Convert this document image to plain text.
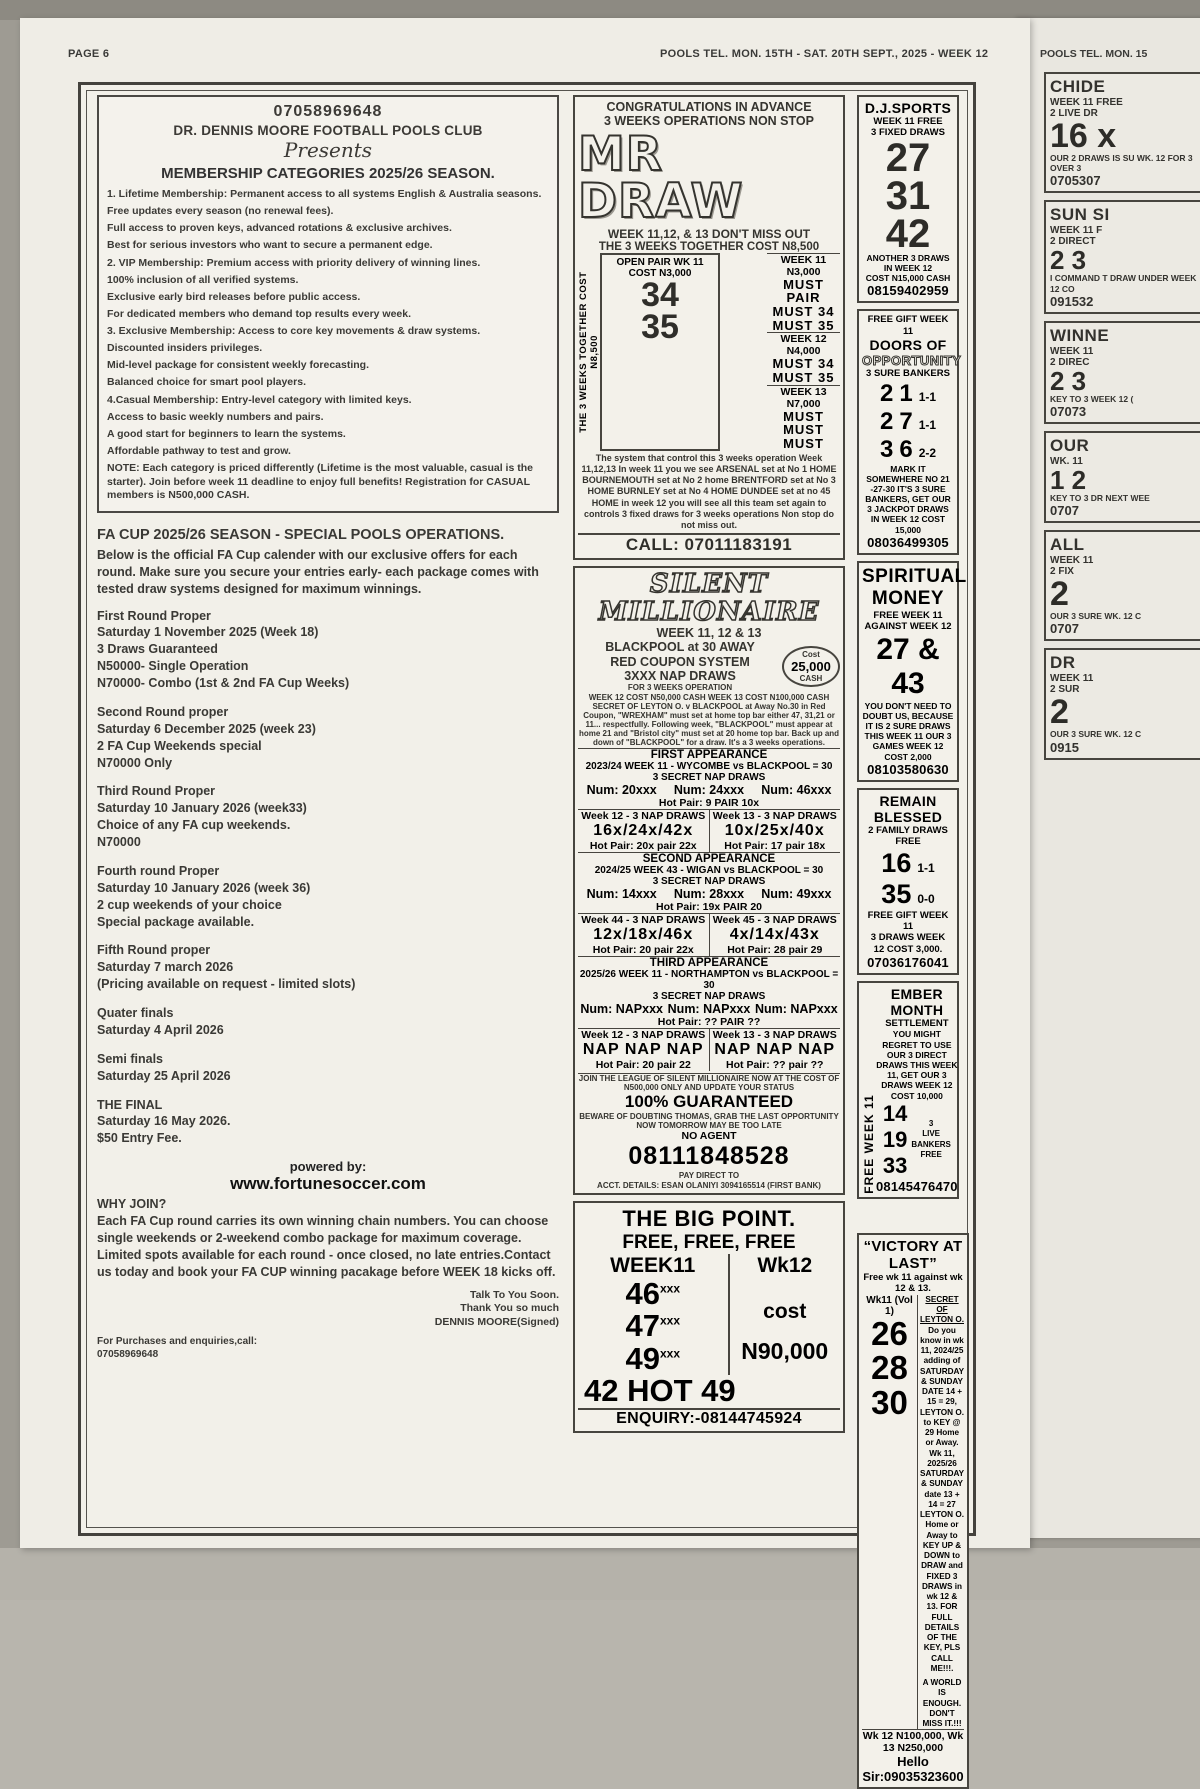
PAGE 6	POOLS TEL. MON. 15TH - SAT. 20TH SEPT., 2025 - WEEK 12	POOLS TEL. MON. 15
07058969648
DR. DENNIS MOORE FOOTBALL POOLS CLUB
Presents
MEMBERSHIP CATEGORIES 2025/26 SEASON.

1. Lifetime Membership: Permanent access to all systems English & Australia seasons.

Free updates every season (no renewal fees).

Full access to proven keys, advanced rotations & exclusive archives.

Best for serious investors who want to secure a permanent edge.

2. VIP Membership: Premium access with priority delivery of winning lines.

100% inclusion of all verified systems.

Exclusive early bird releases before public access.

For dedicated members who demand top results every week.

3. Exclusive Membership: Access to core key movements & draw systems.

Discounted insiders privileges.

Mid-level package for consistent weekly forecasting.

Balanced choice for smart pool players.

4.Casual Membership: Entry-level category with limited keys.

Access to basic weekly numbers and pairs.

A good start for beginners to learn the systems.

Affordable pathway to test and grow.

NOTE: Each category is priced differently (Lifetime is the most valuable, casual is the starter). Join before week 11 deadline to enjoy full benefits! Registration for CASUAL members is N500,000 CASH.
FA CUP 2025/26 SEASON - SPECIAL POOLS OPERATIONS.
Below is the official FA Cup calender with our exclusive offers for each round. Make sure you secure your entries early- each package comes with tested draw systems designed for maximum winnings.
First Round Proper
Saturday 1 November 2025 (Week 18)
3 Draws Guaranteed
N50000- Single Operation
N70000- Combo (1st & 2nd FA Cup Weeks)
Second Round proper
Saturday 6 December 2025 (week 23)
2 FA Cup Weekends special
N70000 Only
Third Round Proper
Saturday 10 January 2026 (week33)
Choice of any FA cup weekends.
N70000
Fourth round Proper
Saturday 10 January 2026 (week 36)
2 cup weekends of your choice
Special package available.
Fifth Round proper
Saturday 7 march 2026
(Pricing available on request - limited slots)
Quater finals
Saturday 4 April 2026
Semi finals
Saturday 25 April 2026
THE FINAL
Saturday 16 May 2026.
$50 Entry Fee.
powered by:
www.fortunesoccer.com
WHY JOIN?
Each FA Cup round carries its own winning chain numbers. You can choose single weekends or 2-weekend combo package for maximum coverage. Limited spots available for each round - once closed, no late entries.Contact us today and book your FA CUP winning pacakage before WEEK 18 kicks off.
Talk To You Soon.
Thank You so much
DENNIS MOORE(Signed)
For Purchases and enquiries,call:
07058969648
CONGRATULATIONS IN ADVANCE
3 WEEKS OPERATIONS NON STOP
MR DRAW
WEEK 11,12, & 13 DON'T MISS OUT
THE 3 WEEKS TOGETHER COST N8,500
THE 3 WEEKS TOGETHER COST N8,500
OPEN PAIR WK 11
COST N3,000
34
35
WEEK 11 N3,000
MUST PAIR
MUST 34
MUST 35
WEEK 12 N4,000
MUST 34
MUST 35
WEEK 13 N7,000
MUST
MUST
MUST
The system that control this 3 weeks operation Week 11,12,13 In week 11 you we see ARSENAL set at No 1 HOME BOURNEMOUTH set at No 2 home BRENTFORD set at No 3 HOME BURNLEY set at No 4 HOME DUNDEE set at no 45 HOME in week 12 you will see all this team set again to controls 3 fixed draws for 3 weeks operations Non stop do not miss out.
CALL: 07011183191
SILENT MILLIONAIRE
WEEK 11, 12 & 13
BLACKPOOL at 30 AWAY
RED COUPON SYSTEM
3XXX NAP DRAWS
FOR 3 WEEKS OPERATION
Cost
25,000
CASH
WEEK 12 COST N50,000 CASH WEEK 13 COST N100,000 CASH SECRET OF LEYTON O. v BLACKPOOL at Away No.30 in Red Coupon, "WREXHAM" must set at home top bar either 47, 31,21 or 11... respectfully. Following week, "BLACKPOOL" must appear at home 21 and "Bristol city" must set at 20 home top bar. Back up and down of "BLACKPOOL" for a draw. It's a 3 weeks operations.
FIRST APPEARANCE
2023/24 WEEK 11 - WYCOMBE vs BLACKPOOL = 30
3 SECRET NAP DRAWS
Num: 20xxx Num: 24xxx Num: 46xxx
Hot Pair: 9 PAIR 10x
Week 12 - 3 NAP DRAWS
16x/24x/42x
Hot Pair: 20x pair 22x
Week 13 - 3 NAP DRAWS
10x/25x/40x
Hot Pair: 17 pair 18x
SECOND APPEARANCE
2024/25 WEEK 43 - WIGAN vs BLACKPOOL = 30
3 SECRET NAP DRAWS
Num: 14xxx Num: 28xxx Num: 49xxx
Hot Pair: 19x PAIR 20
Week 44 - 3 NAP DRAWS
12x/18x/46x
Hot Pair: 20 pair 22x
Week 45 - 3 NAP DRAWS
4x/14x/43x
Hot Pair: 28 pair 29
THIRD APPEARANCE
2025/26 WEEK 11 - NORTHAMPTON vs BLACKPOOL = 30
3 SECRET NAP DRAWS
Num: NAPxxx Num: NAPxxx Num: NAPxxx
Hot Pair: ?? PAIR ??
Week 12 - 3 NAP DRAWS
NAP NAP NAP
Hot Pair: 20 pair 22
Week 13 - 3 NAP DRAWS
NAP NAP NAP
Hot Pair: ?? pair ??
JOIN THE LEAGUE OF SILENT MILLIONAIRE NOW AT THE COST OF N500,000 ONLY AND UPDATE YOUR STATUS
100% GUARANTEED
BEWARE OF DOUBTING THOMAS, GRAB THE LAST OPPORTUNITY NOW TOMORROW MAY BE TOO LATE
NO AGENT
08111848528
PAY DIRECT TO
ACCT. DETAILS: ESAN OLANIYI 3094165514 (FIRST BANK)
THE BIG POINT.
FREE, FREE, FREE
WEEK11
46$^{xxx}$
47$^{xxx}$
49$^{xxx}$
Wk12
cost
N90,000
42 HOT 49
ENQUIRY:-08144745924
D.J.SPORTS
WEEK 11 FREE
3 FIXED DRAWS
27
31
42
ANOTHER 3 DRAWS IN WEEK 12
COST N15,000 CASH
08159402959
FREE GIFT WEEK 11
DOORS OF
OPPORTUNITY
3 SURE BANKERS
2 1 1-1
2 7 1-1
3 6 2-2
MARK IT SOMEWHERE NO 21 -27-30 IT'S 3 SURE BANKERS, GET OUR 3 JACKPOT DRAWS IN WEEK 12 COST 15,000
08036499305
SPIRITUAL
MONEY
FREE WEEK 11
AGAINST WEEK 12
27 & 43
YOU DON'T NEED TO DOUBT US, BECAUSE IT IS 2 SURE DRAWS THIS WEEK 11 OUR 3 GAMES WEEK 12 COST 2,000
08103580630
REMAIN
BLESSED
2 FAMILY DRAWS FREE
16 1-1
35 0-0
FREE GIFT WEEK 11
3 DRAWS WEEK
12 COST 3,000.
07036176041
FREE WEEK 11
EMBER
MONTH
SETTLEMENT
YOU MIGHT REGRET TO USE OUR 3 DIRECT DRAWS THIS WEEK 11, GET OUR 3 DRAWS WEEK 12 COST 10,000
14
19
33
3
LIVE
BANKERS
FREE
08145476470
“VICTORY AT LAST”
Free wk 11 against wk 12 & 13.
Wk11 (Vol 1)
26
28
30
SECRET OF LEYTON O.
Do you know in wk 11, 2024/25 adding of SATURDAY & SUNDAY DATE 14 + 15 = 29, LEYTON O. to KEY @ 29 Home or Away. Wk 11, 2025/26 SATURDAY & SUNDAY date 13 + 14 = 27 LEYTON O. Home or Away to KEY UP & DOWN to DRAW and FIXED 3 DRAWS in wk 12 & 13. FOR FULL DETAILS OF THE KEY, PLS CALL ME!!!.
A WORLD IS ENOUGH. DON'T MISS IT.!!!
Wk 12 N100,000, Wk 13 N250,000
Hello Sir:09035323600
CHIDE
WEEK 11 FREE
2 LIVE DR
16 x
OUR 2 DRAWS IS SU WK. 12 FOR 3 OVER 3
0705307
SUN SI
WEEK 11 F
2 DIRECT
2 3
I COMMAND T DRAW UNDER WEEK 12 CO
091532
WINNE
WEEK 11
2 DIREC
2 3
KEY TO 3 WEEK 12 (
07073
OUR
WK. 11
1 2
KEY TO 3 DR NEXT WEE
0707
ALL
WEEK 11
2 FIX
2
OUR 3 SURE WK. 12 C
0707
DR
WEEK 11
2 SUR
2
OUR 3 SURE WK. 12 C
0915
